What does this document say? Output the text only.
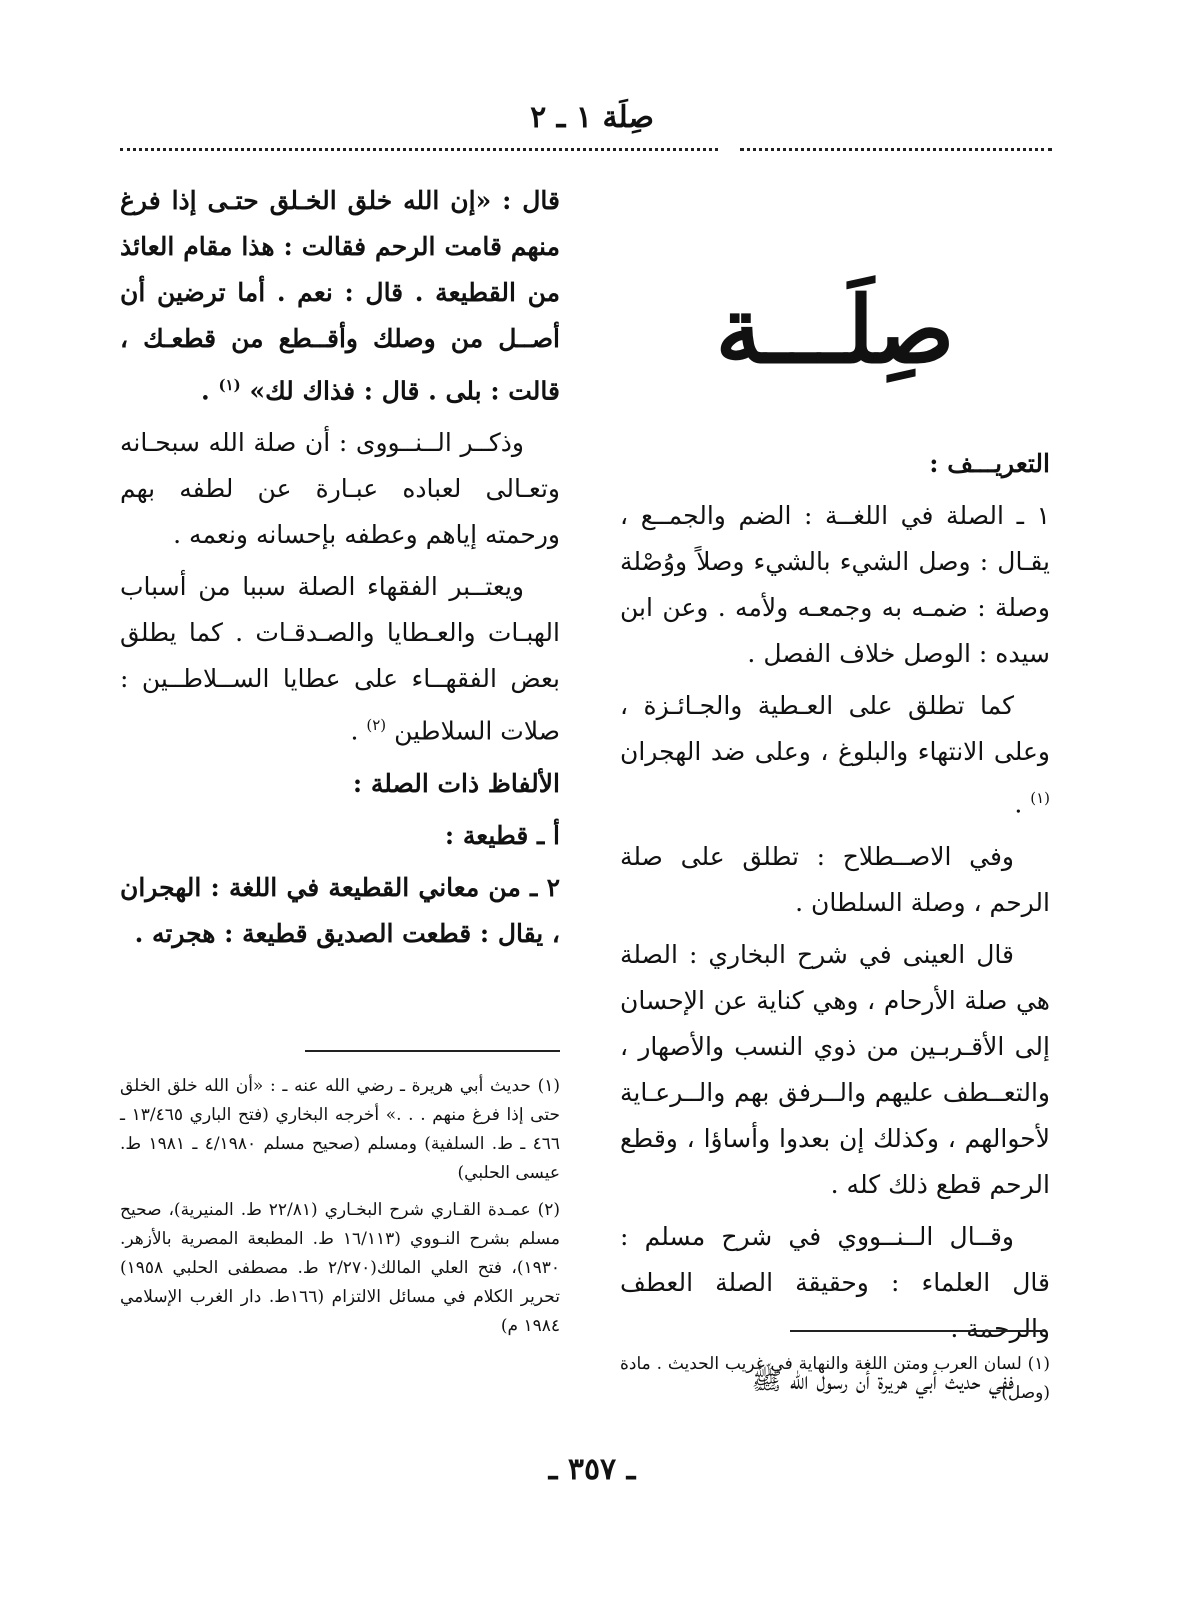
صِلَة ١ ـ ٢
صِلَـــة
التعريـــف :
١ ـ الصلة في اللغــة : الضم والجمــع ، يقـال : وصل الشيء بالشيء وصلاً ووُصْلة وصلة : ضمـه به وجمعـه ولأمه . وعن ابن سيده : الوصل خلاف الفصل .
كما تطلق على العـطية والجـائـزة ، وعلى الانتهاء والبلوغ ، وعلى ضد الهجران $^{(١)}$ .
وفي الاصــطلاح : تطلق على صلة الرحم ، وصلة السلطان .
قال العينى في شرح البخاري : الصلة هي صلة الأرحام ، وهي كناية عن الإحسان إلى الأقـربـين من ذوي النسب والأصهار ، والتعــطف عليهم والــرفق بهم والــرعـاية لأحوالهم ، وكذلك إن بعدوا وأساؤا ، وقطع الرحم قطع ذلك كله .
وقــال الــنــووي في شرح مسلم : قال العلماء : وحقيقة الصلة العطف والرحمة .
ففي حديث أبي هريرة أن رسول الله ﷺ
قال : «إن الله خلق الخـلق حتـى إذا فرغ منهم قامت الرحم فقالت : هذا مقام العائذ من القطيعة . قال : نعم . أما ترضين أن أصــل من وصلك وأقــطع من قطعـك ، قالت : بلى . قال : فذاك لك» $^{(١)}$ .
وذكــر الــنــووى : أن صلة الله سبحـانه وتعـالى لعباده عبـارة عن لطفه بهم ورحمته إياهم وعطفه بإحسانه ونعمه .
ويعتــبر الفقهاء الصلة سببا من أسباب الهبـات والعـطايا والصـدقـات . كما يطلق بعض الفقهــاء على عطايا الســلاطــين : صلات السلاطين $^{(٢)}$ .
الألفاظ ذات الصلة :
أ ـ قطيعة :
٢ ـ من معاني القطيعة في اللغة : الهجران ، يقال : قطعت الصديق قطيعة : هجرته .
(١) حديث أبي هريرة ـ رضي الله عنه ـ : «أن الله خلق الخلق حتى إذا فرغ منهم . . .» أخرجه البخاري (فتح الباري ١٣/٤٦٥ ـ ٤٦٦ ـ ط. السلفية) ومسلم (صحيح مسلم ٤/١٩٨٠ ـ ١٩٨١ ط. عيسى الحلبي)
(٢) عمـدة القـاري شرح البخـاري (٢٢/٨١ ط. المنيرية)، صحيح مسلم بشرح النـووي (١٦/١١٣ ط. المطبعة المصرية بالأزهر. ١٩٣٠)، فتح العلي المالك(٢/٢٧٠ ط. مصطفى الحلبي ١٩٥٨) تحرير الكلام في مسائل الالتزام (١٦٦ط. دار الغرب الإسلامي ١٩٨٤ م)
(١) لسان العرب ومتن اللغة والنهاية في غريب الحديث . مادة (وصل) .
ـ ٣٥٧ ـ
